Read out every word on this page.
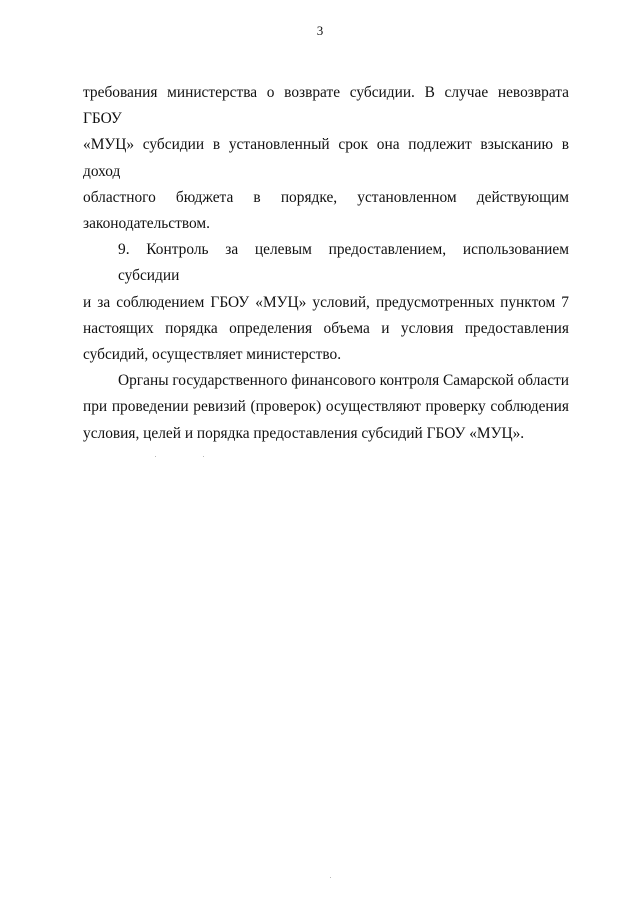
3

требования министерства о возврате субсидии. В случае невозврата ГБОУ
«МУЦ» субсидии в установленный срок она подлежит взысканию в доход
областного бюджета в порядке, установленном действующим
законодательством.

9. Контроль за целевым предоставлением, использованием субсидии
и за соблюдением ГБОУ «МУЦ» условий, предусмотренных пунктом 7
настоящих порядка определения объема и условия предоставления
субсидий, осуществляет министерство.

Органы государственного финансового контроля Самарской области
при проведении ревизий (проверок) осуществляют проверку соблюдения
условия, целей и порядка предоставления субсидий ГБОУ «МУЦ».
